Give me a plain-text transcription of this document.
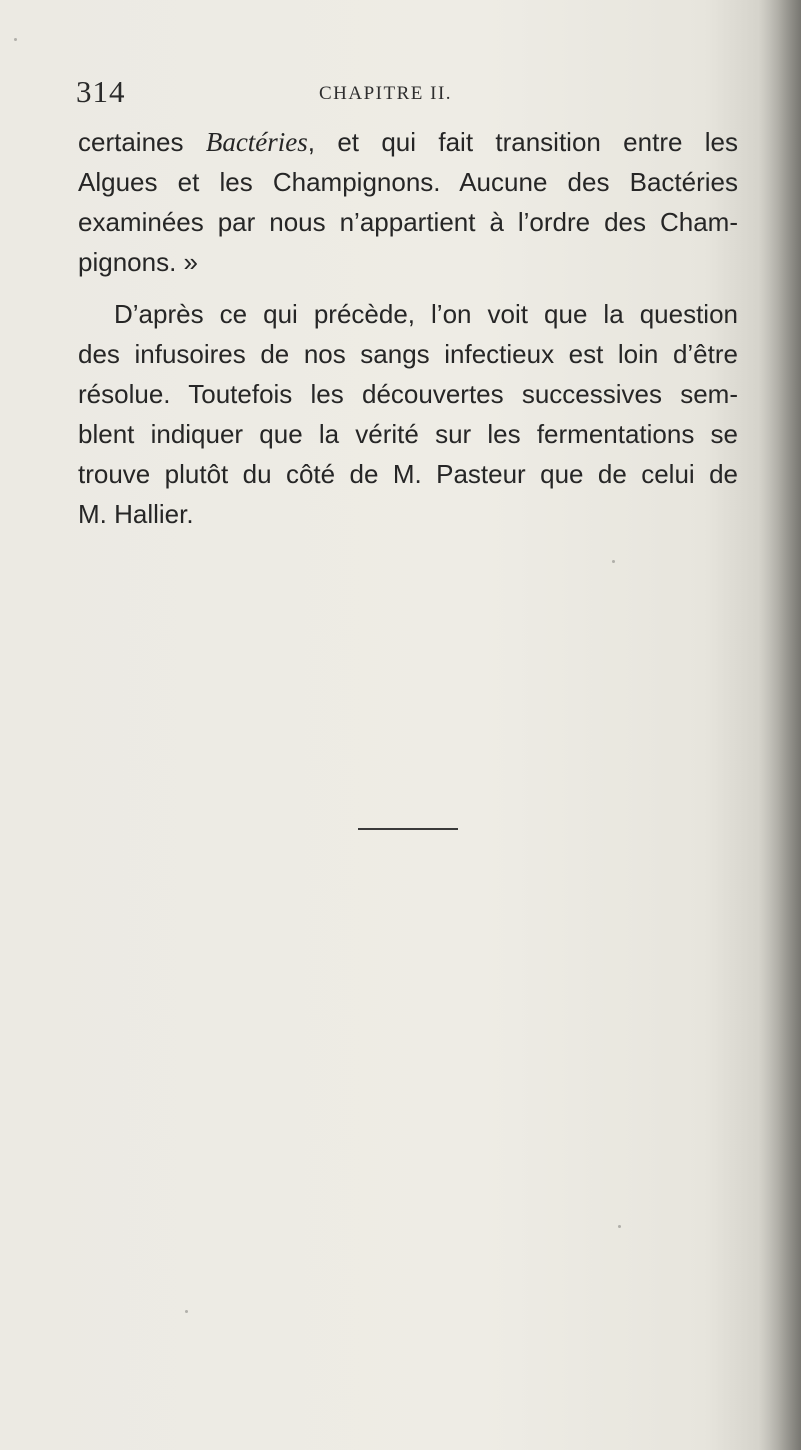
314	CHAPITRE II.
certaines Bactéries, et qui fait transition entre les
Algues et les Champignons. Aucune des Bactéries
examinées par nous n’appartient à l’ordre des Cham-
pignons. »
D’après ce qui précède, l’on voit que la question
des infusoires de nos sangs infectieux est loin d’être
résolue. Toutefois les découvertes successives sem-
blent indiquer que la vérité sur les fermentations se
trouve plutôt du côté de M. Pasteur que de celui de
M. Hallier.
